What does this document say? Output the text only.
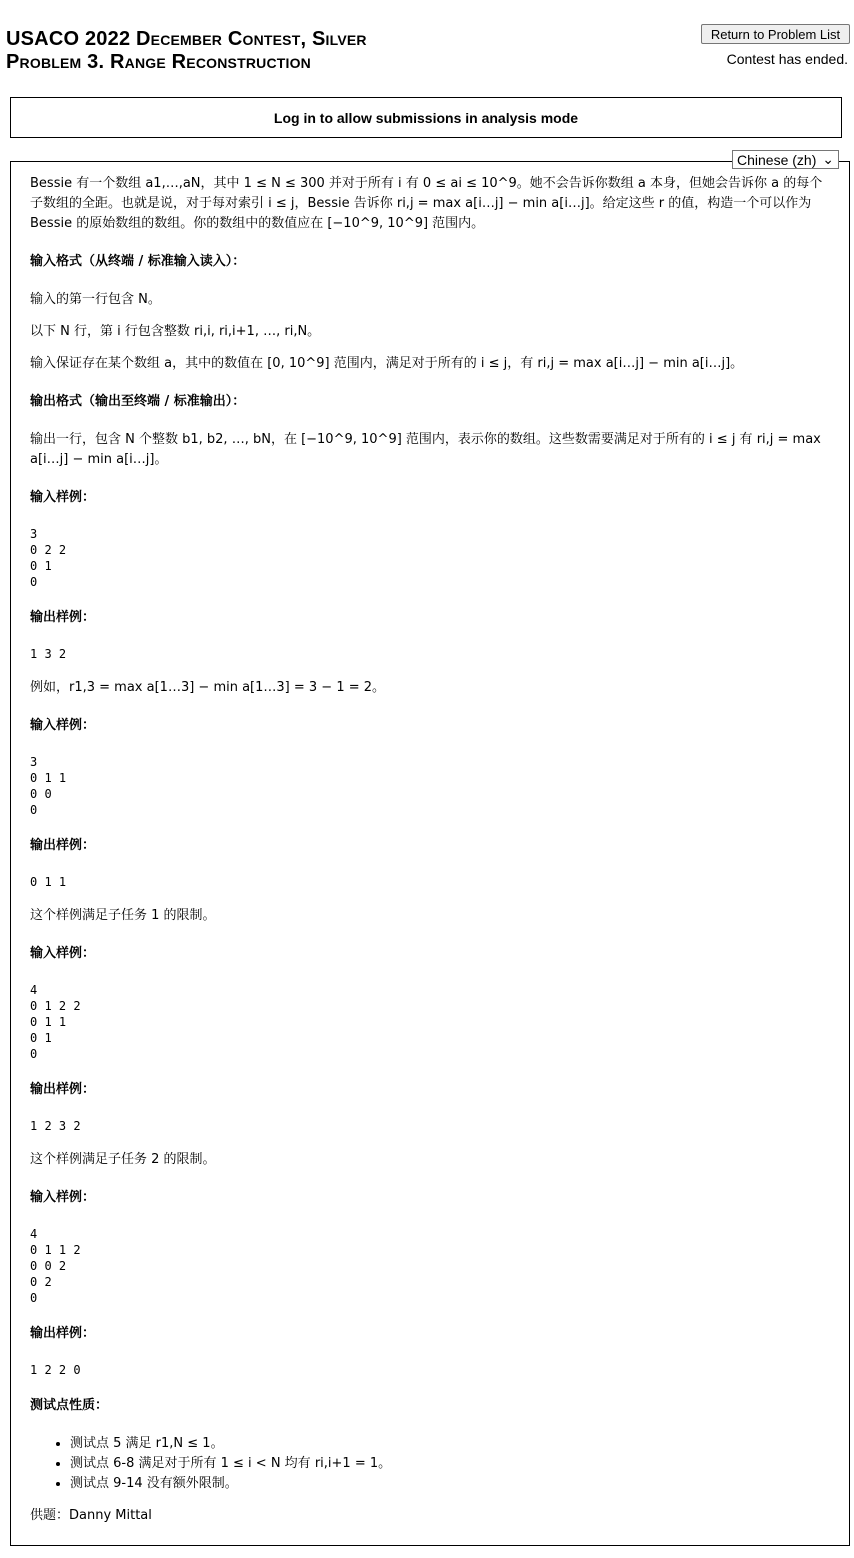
USACO 2022 December Contest, Silver
Problem 3. Range Reconstruction
Return to Problem List
Contest has ended.
Log in to allow submissions in analysis mode
Chinese (zh) ⌄

Bessie 有一个数组 a1,…,aN，其中 1 ≤ N ≤ 300 并对于所有 i 有 0 ≤ ai ≤ 10^9。她不会告诉你数组 a 本身，但她会告诉你 a 的每个子数组的全距。也就是说，对于每对索引 i ≤ j，Bessie 告诉你 ri,j = max a[i…j] − min a[i…j]。给定这些 r 的值，构造一个可以作为 Bessie 的原始数组的数组。你的数组中的数值应在 [−10^9, 10^9] 范围内。

输入格式（从终端 / 标准输入读入）：

输入的第一行包含 N。

以下 N 行，第 i 行包含整数 ri,i, ri,i+1, …, ri,N。

输入保证存在某个数组 a，其中的数值在 [0, 10^9] 范围内，满足对于所有的 i ≤ j，有 ri,j = max a[i…j] − min a[i…j]。

输出格式（输出至终端 / 标准输出）：

输出一行，包含 N 个整数 b1, b2, …, bN，在 [−10^9, 10^9] 范围内，表示你的数组。这些数需要满足对于所有的 i ≤ j 有 ri,j = max a[i…j] − min a[i…j]。

输入样例：

3
0 2 2
0 1
0

输出样例：

1 3 2

例如，r1,3 = max a[1…3] − min a[1…3] = 3 − 1 = 2。

输入样例：

3
0 1 1
0 0
0

输出样例：

0 1 1

这个样例满足子任务 1 的限制。

输入样例：

4
0 1 2 2
0 1 1
0 1
0

输出样例：

1 2 3 2

这个样例满足子任务 2 的限制。

输入样例：

4
0 1 1 2
0 0 2
0 2
0

输出样例：

1 2 2 0

测试点性质：

• 测试点 5 满足 r1,N ≤ 1。
• 测试点 6-8 满足对于所有 1 ≤ i < N 均有 ri,i+1 = 1。
• 测试点 9-14 没有额外限制。

供题：Danny Mittal
